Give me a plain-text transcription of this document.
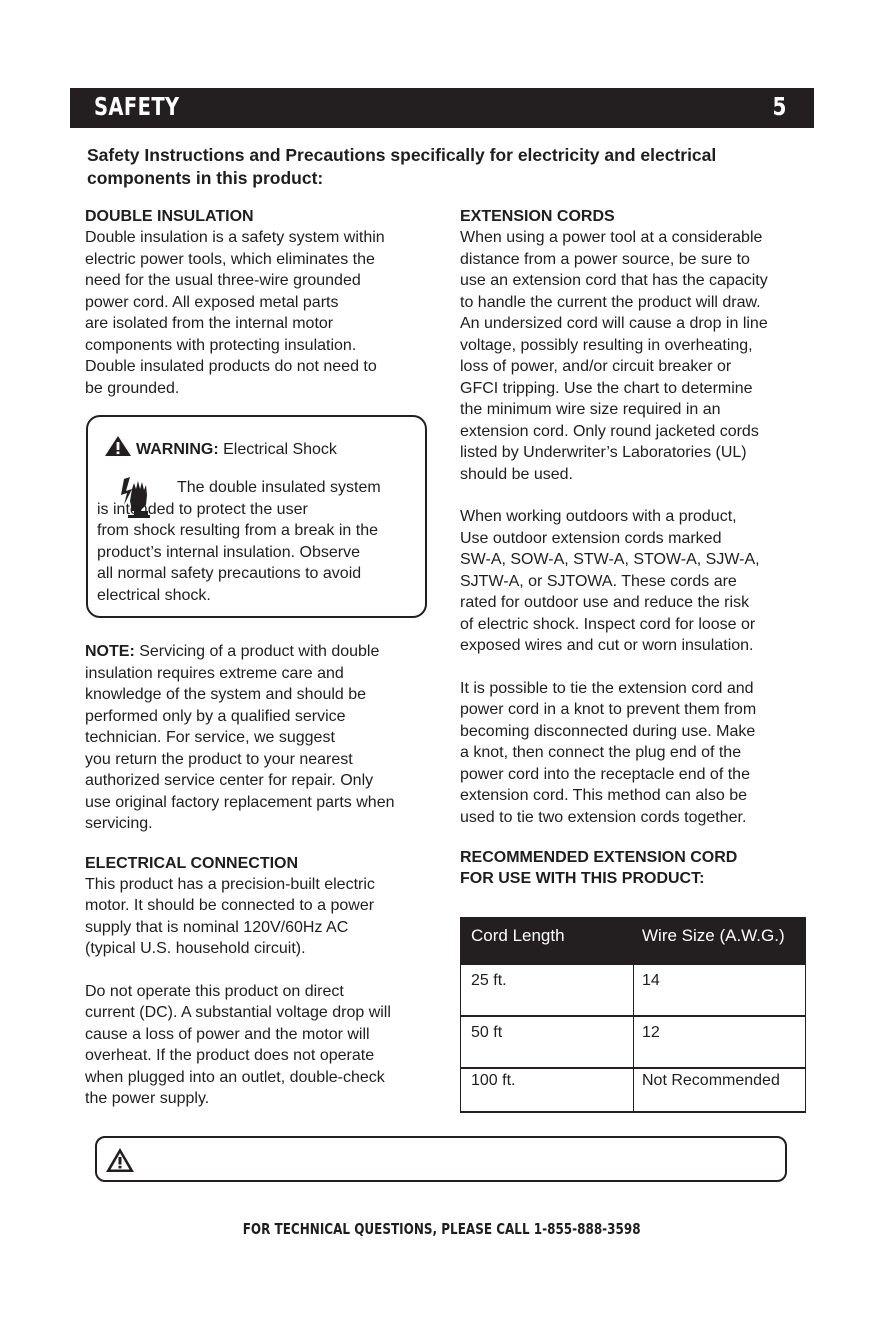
SAFETY	5
Safety Instructions and Precautions specifically for electricity and electrical components in this product:

DOUBLE INSULATION

Double insulation is a safety system within
electric power tools, which eliminates the
need for the usual three-wire grounded
power cord. All exposed metal parts
are isolated from the internal motor
components with protecting insulation.
Double insulated products do not need to
be grounded.

WARNING: Electrical Shock
The double insulated system
is intended to protect the user
from shock resulting from a break in the
product’s internal insulation. Observe
all normal safety precautions to avoid
electrical shock.

NOTE: Servicing of a product with double
insulation requires extreme care and
knowledge of the system and should be
performed only by a qualified service
technician. For service, we suggest
you return the product to your nearest
authorized service center for repair. Only
use original factory replacement parts when
servicing.

ELECTRICAL CONNECTION

This product has a precision-built electric
motor. It should be connected to a power
supply that is nominal 120V/60Hz AC
(typical U.S. household circuit).

Do not operate this product on direct
current (DC). A substantial voltage drop will
cause a loss of power and the motor will
overheat. If the product does not operate
when plugged into an outlet, double-check
the power supply.

EXTENSION CORDS

When using a power tool at a considerable
distance from a power source, be sure to
use an extension cord that has the capacity
to handle the current the product will draw.
An undersized cord will cause a drop in line
voltage, possibly resulting in overheating,
loss of power, and/or circuit breaker or
GFCI tripping. Use the chart to determine
the minimum wire size required in an
extension cord. Only round jacketed cords
listed by Underwriter’s Laboratories (UL)
should be used.

When working outdoors with a product,
Use outdoor extension cords marked
SW-A, SOW-A, STW-A, STOW-A, SJW-A,
SJTW-A, or SJTOWA. These cords are
rated for outdoor use and reduce the risk
of electric shock. Inspect cord for loose or
exposed wires and cut or worn insulation.

It is possible to tie the extension cord and
power cord in a knot to prevent them from
becoming disconnected during use. Make
a knot, then connect the plug end of the
power cord into the receptacle end of the
extension cord. This method can also be
used to tie two extension cords together.

RECOMMENDED EXTENSION CORD
FOR USE WITH THIS PRODUCT:

Cord Length	Wire Size (A.W.G.)
25 ft.	14
50 ft	12
100 ft.	Not Recommended
FOR TECHNICAL QUESTIONS, PLEASE CALL 1-855-888-3598
